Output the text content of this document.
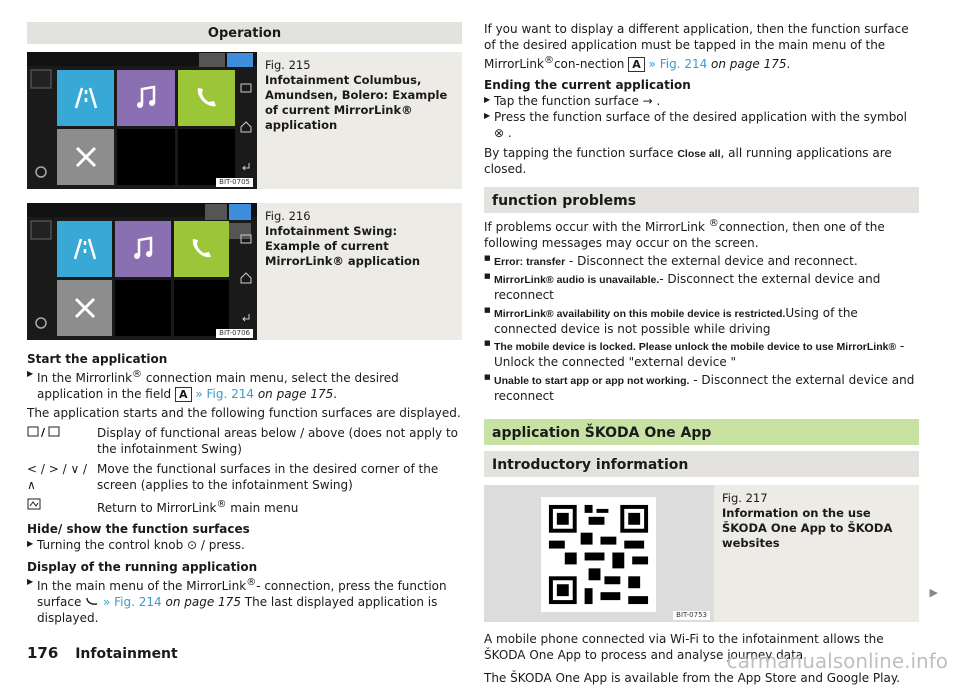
Operation
BIT-0705
Fig. 215
Infotainment Columbus, Amundsen, Bolero: Example of current MirrorLink® application
BIT-0706
Fig. 216
Infotainment Swing: Example of current MirrorLink® application
Start the application
▶ In the Mirrorlink® connection main menu, select the desired application in the field A » Fig. 214 on page 175.

The application starts and the following function surfaces are displayed.

/	Display of functional areas below / above (does not apply to the infotainment Swing)
< / > / ∨ / ∧
Move the functional surfaces in the desired corner of the screen (applies to the infotainment Swing)
Return to MirrorLink® main menu
Hide/ show the function surfaces
▶ Turning the control knob ⊙ / press.
Display of the running application
▶ In the main menu of the MirrorLink®- connection, press the function surface  » Fig. 214 on page 175 The last displayed application is displayed.

If you want to display a different application, then the function surface of the desired application must be tapped in the main menu of the MirrorLink®con-nection A » Fig. 214 on page 175.

Ending the current application
▶ Tap the function surface → .
▶ Press the function surface of the desired application with the symbol ⊗ .

By tapping the function surface Close all, all running applications are closed.

function problems

If problems occur with the MirrorLink ®connection, then one of the following messages may occur on the screen.

■ Error: transfer - Disconnect the external device and reconnect.
■ MirrorLink® audio is unavailable.- Disconnect the external device and reconnect
■ MirrorLink® availability on this mobile device is restricted.Using of the connected device is not possible while driving
■ The mobile device is locked. Please unlock the mobile device to use MirrorLink® - Unlock the connected "external device "
■ Unable to start app or app not working. - Disconnect the external device and reconnect
application ŠKODA One App
Introductory information
BIT-0753
Fig. 217
Information on the use ŠKODA One App to ŠKODA websites

A mobile phone connected via Wi-Fi to the infotainment allows the ŠKODA One App to process and analyse journey data.

The ŠKODA One App is available from the App Store and Google Play.

▶
176 Infotainment	carmanualsonline.info
